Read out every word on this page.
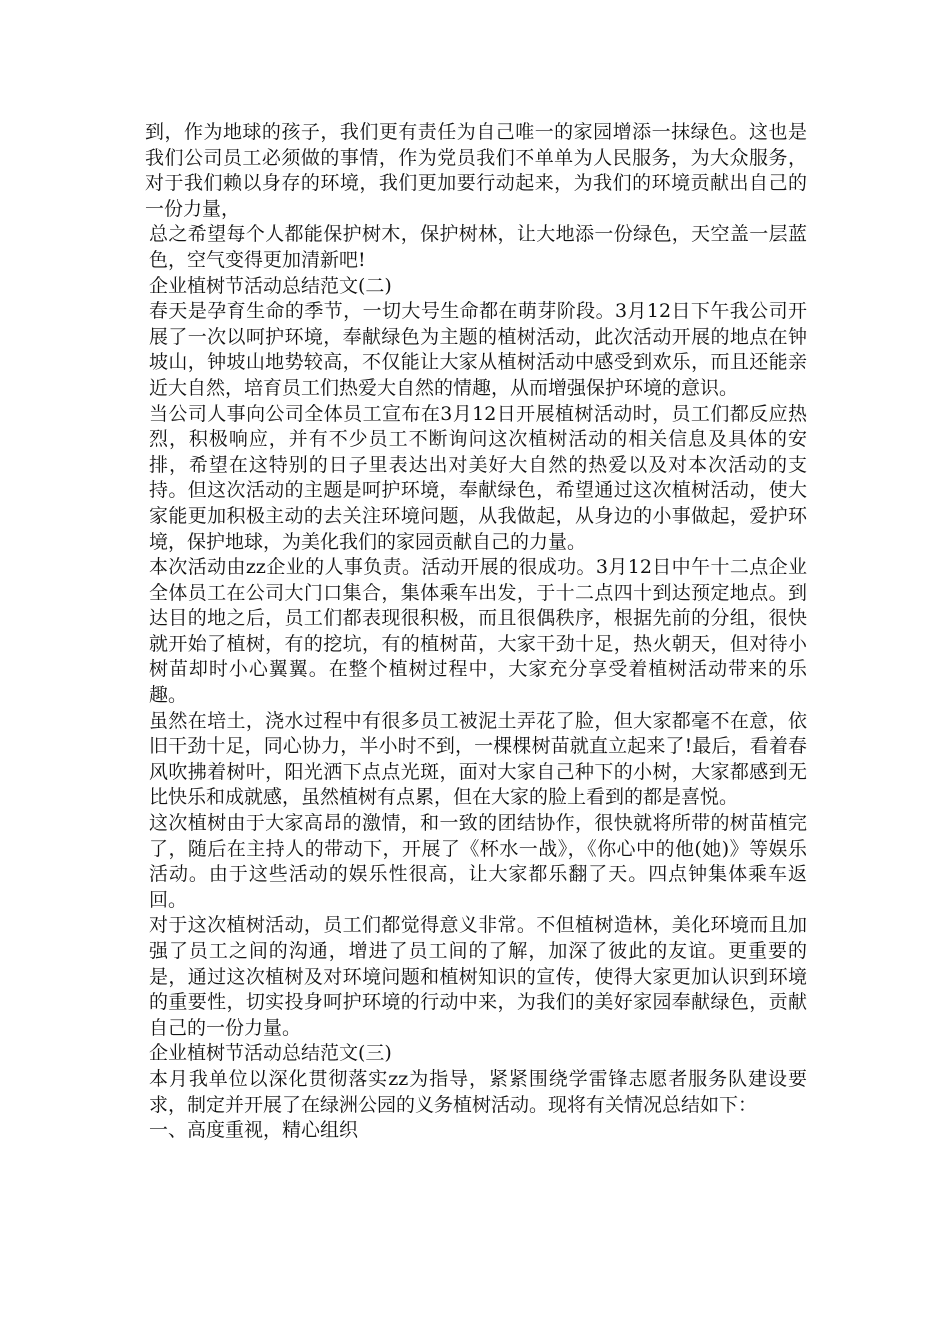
到，作为地球的孩子，我们更有责任为自己唯一的家园增添一抹绿色。这也是我们公司员工必须做的事情，作为党员我们不单单为人民服务，为大众服务，对于我们赖以身存的环境，我们更加要行动起来，为我们的环境贡献出自己的一份力量，

总之希望每个人都能保护树木，保护树林，让大地添一份绿色，天空盖一层蓝色，空气变得更加清新吧!

企业植树节活动总结范文(二)

春天是孕育生命的季节，一切大号生命都在萌芽阶段。3月12日下午我公司开展了一次以呵护环境，奉献绿色为主题的植树活动，此次活动开展的地点在钟坡山，钟坡山地势较高，不仅能让大家从植树活动中感受到欢乐，而且还能亲近大自然，培育员工们热爱大自然的情趣，从而增强保护环境的意识。

当公司人事向公司全体员工宣布在3月12日开展植树活动时，员工们都反应热烈，积极响应，并有不少员工不断询问这次植树活动的相关信息及具体的安排，希望在这特别的日子里表达出对美好大自然的热爱以及对本次活动的支持。但这次活动的主题是呵护环境，奉献绿色，希望通过这次植树活动，使大家能更加积极主动的去关注环境问题，从我做起，从身边的小事做起，爱护环境，保护地球，为美化我们的家园贡献自己的力量。

本次活动由zz企业的人事负责。活动开展的很成功。3月12日中午十二点企业全体员工在公司大门口集合，集体乘车出发，于十二点四十到达预定地点。到达目的地之后，员工们都表现很积极，而且很偶秩序，根据先前的分组，很快就开始了植树，有的挖坑，有的植树苗，大家干劲十足，热火朝天，但对待小树苗却时小心翼翼。在整个植树过程中，大家充分享受着植树活动带来的乐趣。

虽然在培土，浇水过程中有很多员工被泥土弄花了脸，但大家都毫不在意，依旧干劲十足，同心协力，半小时不到，一棵棵树苗就直立起来了!最后，看着春风吹拂着树叶，阳光洒下点点光斑，面对大家自己种下的小树，大家都感到无比快乐和成就感，虽然植树有点累，但在大家的脸上看到的都是喜悦。

这次植树由于大家高昂的激情，和一致的团结协作，很快就将所带的树苗植完了，随后在主持人的带动下，开展了《杯水一战》，《你心中的他(她)》等娱乐活动。由于这些活动的娱乐性很高，让大家都乐翻了天。四点钟集体乘车返回。

对于这次植树活动，员工们都觉得意义非常。不但植树造林，美化环境而且加强了员工之间的沟通，增进了员工间的了解，加深了彼此的友谊。更重要的是，通过这次植树及对环境问题和植树知识的宣传，使得大家更加认识到环境的重要性，切实投身呵护环境的行动中来，为我们的美好家园奉献绿色，贡献自己的一份力量。

企业植树节活动总结范文(三)

本月我单位以深化贯彻落实zz为指导，紧紧围绕学雷锋志愿者服务队建设要求，制定并开展了在绿洲公园的义务植树活动。现将有关情况总结如下：

一、高度重视，精心组织
